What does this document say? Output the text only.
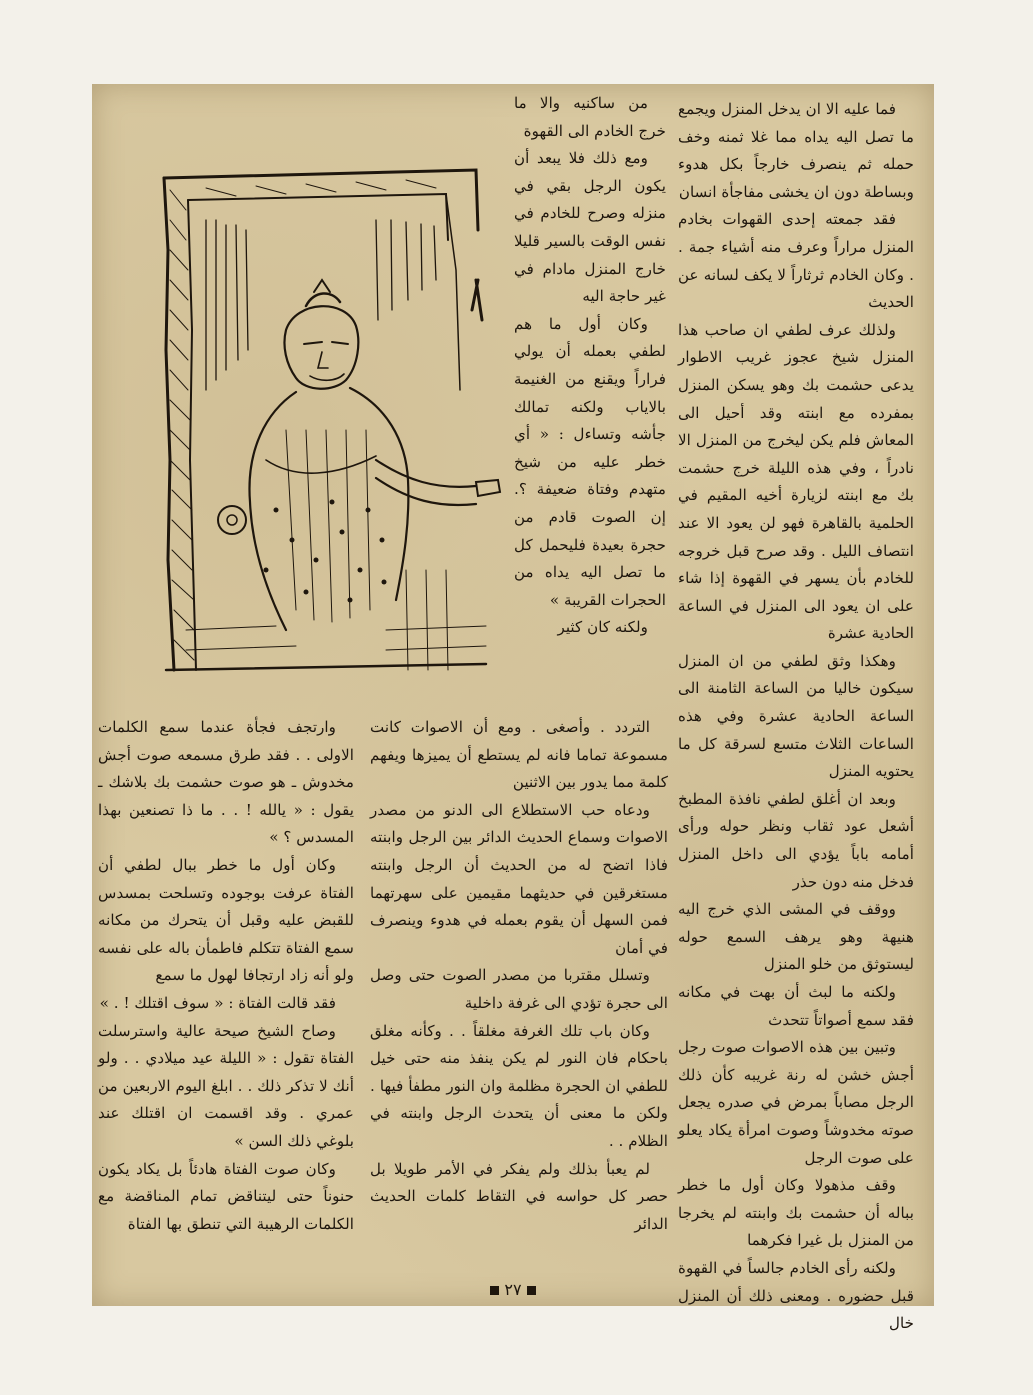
فما عليه الا ان يدخل المنزل ويجمع ما تصل اليه يداه مما غلا ثمنه وخف حمله ثم ينصرف خارجاً بكل هدوء وبساطة دون ان يخشى مفاجأة انسان

فقد جمعته إحدى القهوات بخادم المنزل مراراً وعرف منه أشياء جمة . . وكان الخادم ثرثاراً لا يكف لسانه عن الحديث

ولذلك عرف لطفي ان صاحب هذا المنزل شيخ عجوز غريب الاطوار يدعى حشمت بك وهو يسكن المنزل بمفرده مع ابنته وقد أحيل الى المعاش فلم يكن ليخرج من المنزل الا نادراً ، وفي هذه الليلة خرج حشمت بك مع ابنته لزيارة أخيه المقيم في الحلمية بالقاهرة فهو لن يعود الا عند انتصاف الليل . وقد صرح قبل خروجه للخادم بأن يسهر في القهوة إذا شاء على ان يعود الى المنزل في الساعة الحادية عشرة

وهكذا وثق لطفي من ان المنزل سيكون خاليا من الساعة الثامنة الى الساعة الحادية عشرة وفي هذه الساعات الثلاث متسع لسرقة كل ما يحتويه المنزل

وبعد ان أغلق لطفي نافذة المطبخ أشعل عود ثقاب ونظر حوله ورأى أمامه باباً يؤدي الى داخل المنزل فدخل منه دون حذر

ووقف في المشى الذي خرج اليه هنيهة وهو يرهف السمع حوله ليستوثق من خلو المنزل

ولكنه ما لبث أن بهت في مكانه فقد سمع أصواتاً تتحدث

وتبين بين هذه الاصوات صوت رجل أجش خشن له رنة غريبه كأن ذلك الرجل مصاباً بمرض في صدره يجعل صوته مخدوشاً وصوت امرأة يكاد يعلو على صوت الرجل

وقف مذهولا وكان أول ما خطر بباله أن حشمت بك وابنته لم يخرجا من المنزل بل غيرا فكرهما

ولكنه رأى الخادم جالساً في القهوة قبل حضوره . ومعنى ذلك أن المنزل خال

من ساكنيه والا ما خرج الخادم الى القهوة

ومع ذلك فلا يبعد أن يكون الرجل بقي في منزله وصرح للخادم في نفس الوقت بالسير قليلا خارج المنزل مادام في غير حاجة اليه

وكان أول ما هم لطفي بعمله أن يولي فراراً ويقنع من الغنيمة بالاياب ولكنه تمالك جأشه وتساءل : « أي خطر عليه من شيخ متهدم وفتاة ضعيفة ؟. إن الصوت قادم من حجرة بعيدة فليحمل كل ما تصل اليه يداه من الحجرات القريبة »

ولكنه كان كثير

التردد . وأصغى . ومع أن الاصوات كانت مسموعة تماما فانه لم يستطع أن يميزها ويفهم كلمة مما يدور بين الاثنين

ودعاه حب الاستطلاع الى الدنو من مصدر الاصوات وسماع الحديث الدائر بين الرجل وابنته فاذا اتضح له من الحديث أن الرجل وابنته مستغرقين في حديثهما مقيمين على سهرتهما فمن السهل أن يقوم بعمله في هدوء وينصرف في أمان

وتسلل مقتربا من مصدر الصوت حتى وصل الى حجرة تؤدي الى غرفة داخلية

وكان باب تلك الغرفة مغلقاً . . وكأنه مغلق باحكام فان النور لم يكن ينفذ منه حتى خيل للطفي ان الحجرة مظلمة وان النور مطفأ فيها . ولكن ما معنى أن يتحدث الرجل وابنته في الظلام . .

لم يعبأ بذلك ولم يفكر في الأمر طويلا بل حصر كل حواسه في التقاط كلمات الحديث الدائر

وارتجف فجأة عندما سمع الكلمات الاولى . . فقد طرق مسمعه صوت أجش مخدوش ـ هو صوت حشمت بك بلاشك ـ يقول : « يالله ! . . ما ذا تصنعين بهذا المسدس ؟ »

وكان أول ما خطر ببال لطفي أن الفتاة عرفت بوجوده وتسلحت بمسدس للقبض عليه وقبل أن يتحرك من مكانه سمع الفتاة تتكلم فاطمأن باله على نفسه ولو أنه زاد ارتجافا لهول ما سمع

فقد قالت الفتاة : « سوف اقتلك ! . »

وصاح الشيخ صيحة عالية واسترسلت الفتاة تقول : « الليلة عيد ميلادي . . ولو أنك لا تذكر ذلك . . ابلغ اليوم الاربعين من عمري . وقد اقسمت ان اقتلك عند بلوغي ذلك السن »

وكان صوت الفتاة هادئاً بل يكاد يكون حنوناً حتى ليتناقض تمام المناقضة مع الكلمات الرهيبة التي تنطق بها الفتاة

٢٧
